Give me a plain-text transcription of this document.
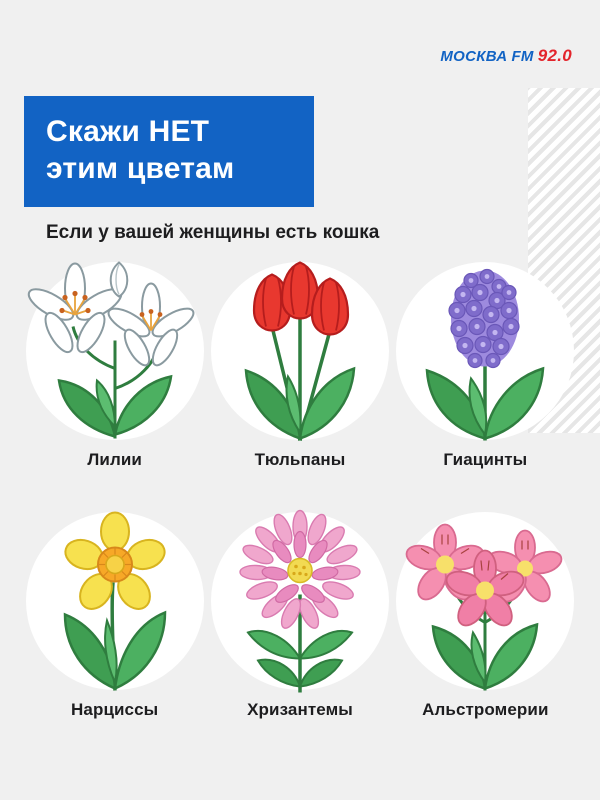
МОСКВА FM 92.0
Скажи НЕТ
этим цветам
Если у вашей женщины есть кошка
Лилии	Тюльпаны	Гиацинты
Нарциссы	Хризантемы	Альстромерии
